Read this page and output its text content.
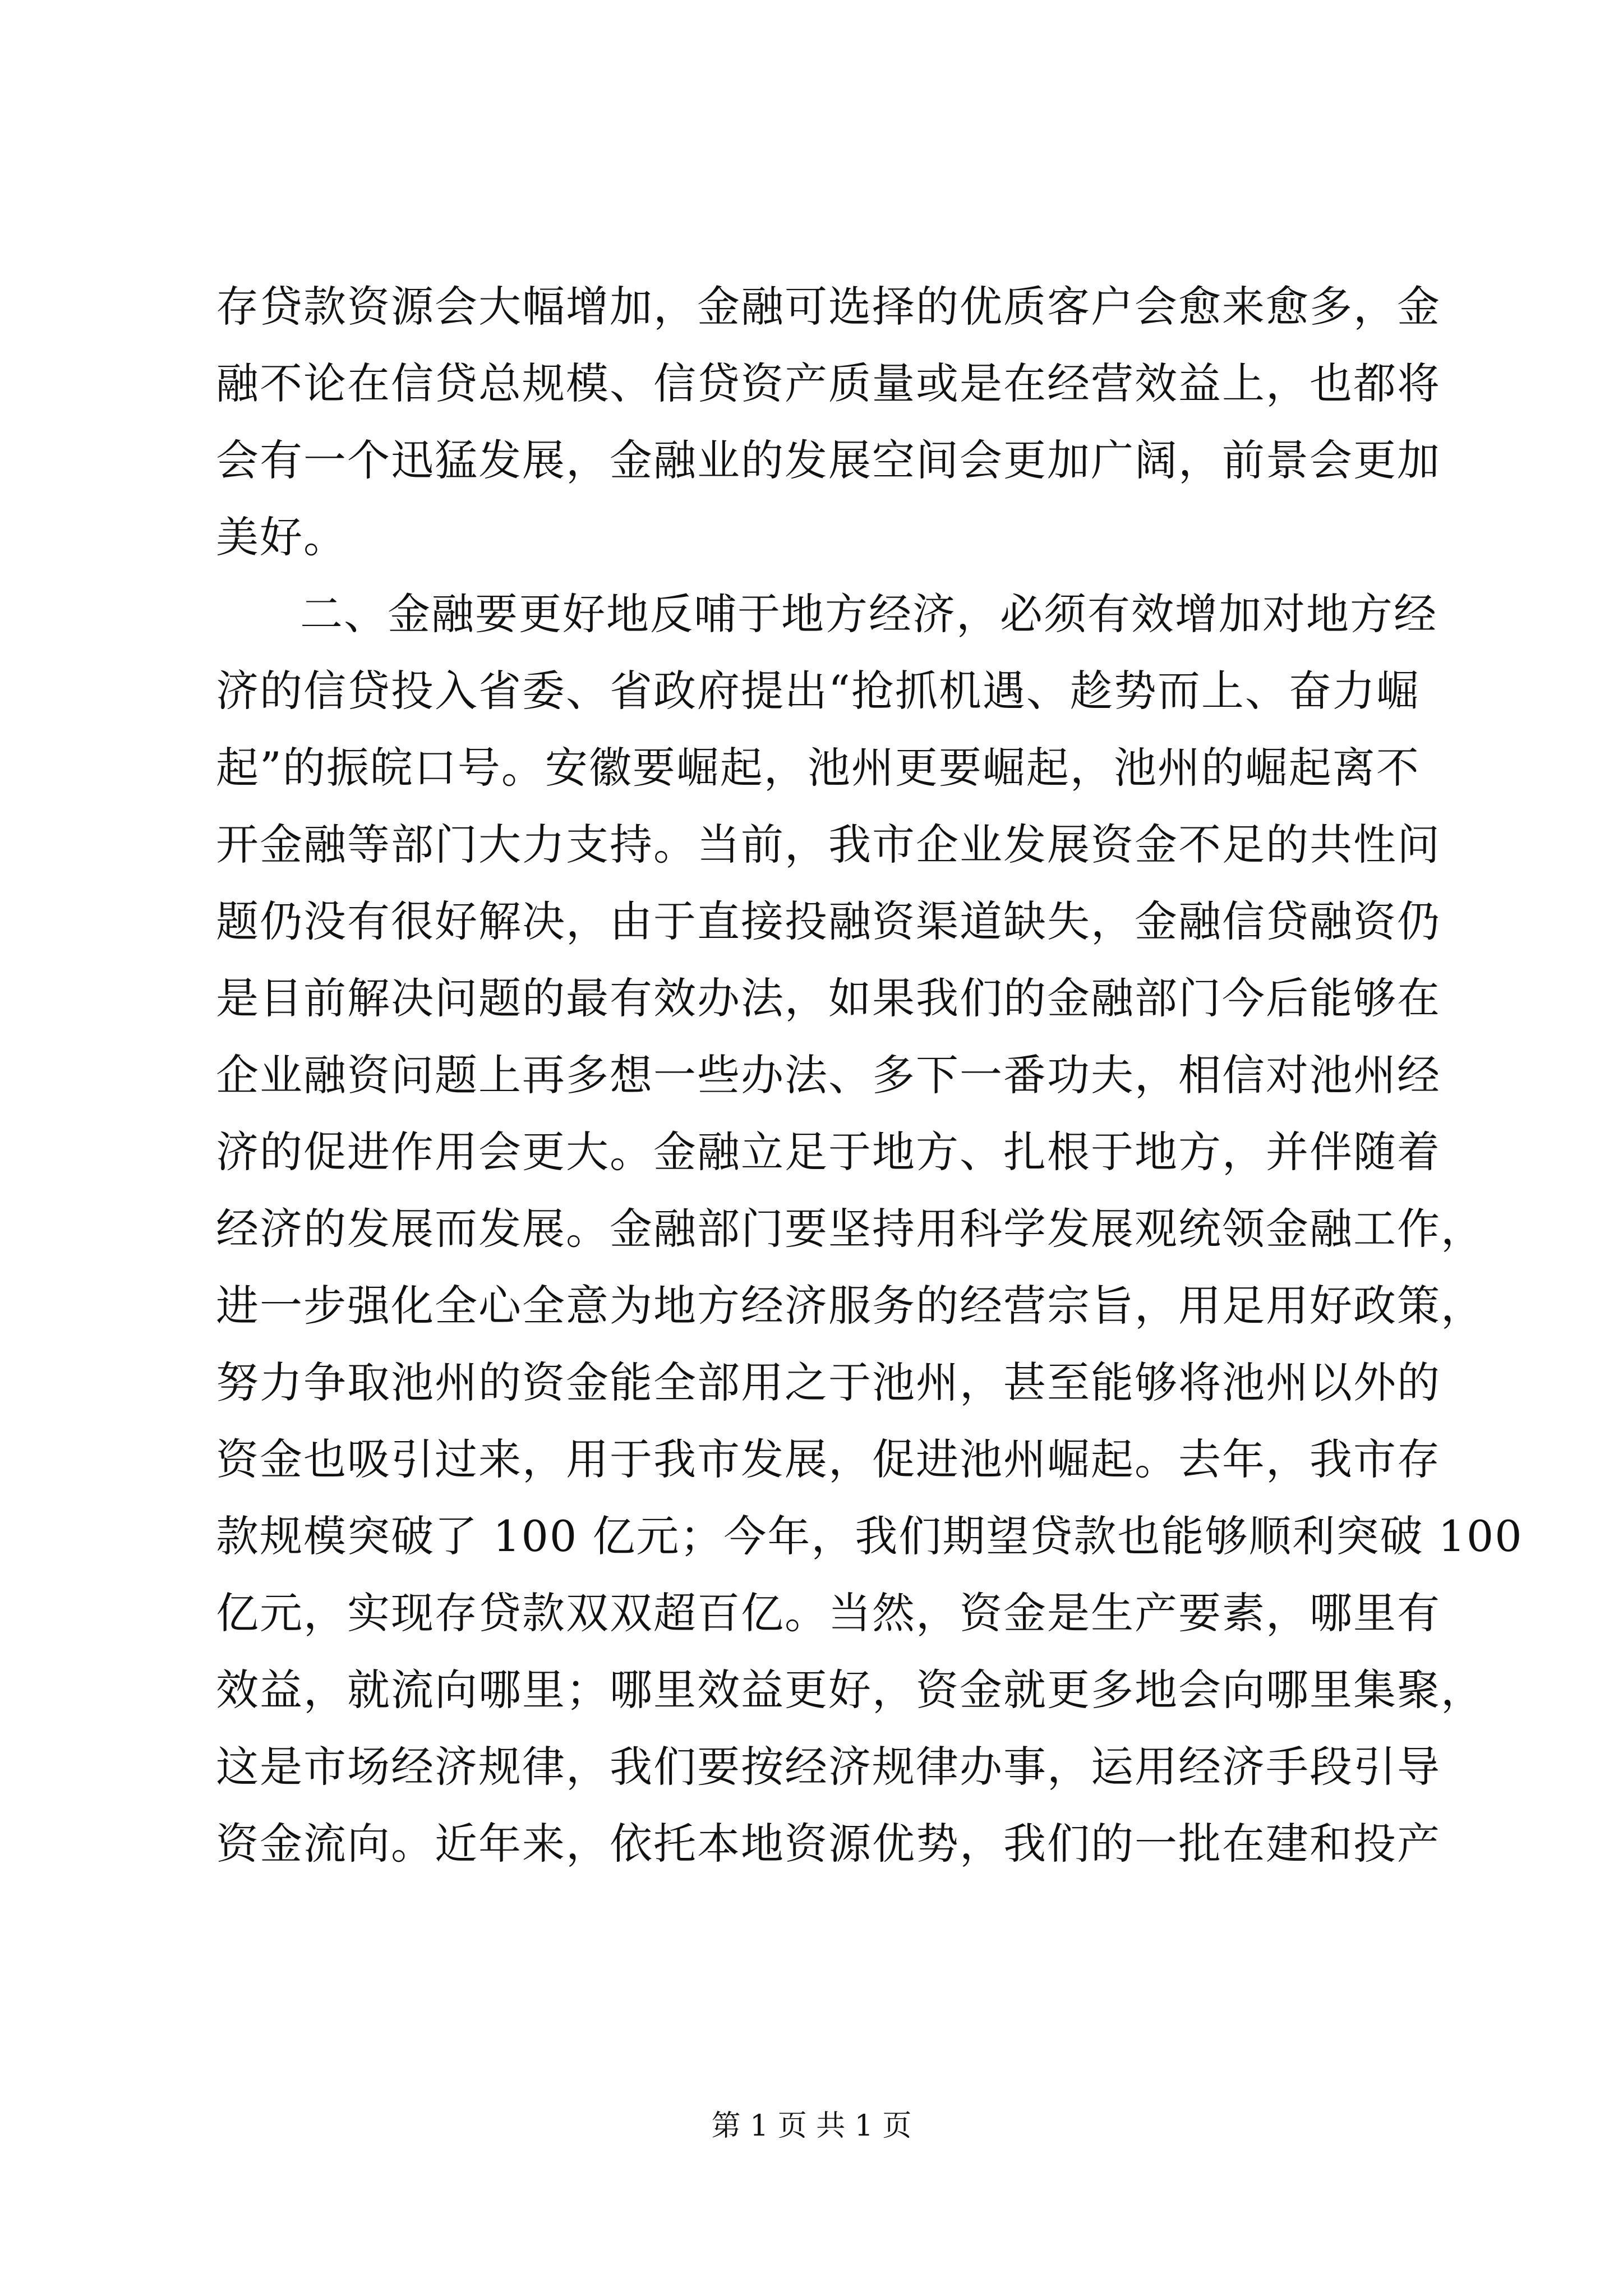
存贷款资源会大幅增加，金融可选择的优质客户会愈来愈多，金
融不论在信贷总规模、信贷资产质量或是在经营效益上，也都将
会有一个迅猛发展，金融业的发展空间会更加广阔，前景会更加
美好。
二、金融要更好地反哺于地方经济，必须有效增加对地方经
济的信贷投入省委、省政府提出“抢抓机遇、趁势而上、奋力崛
起”的振皖口号。安徽要崛起，池州更要崛起，池州的崛起离不
开金融等部门大力支持。当前，我市企业发展资金不足的共性问
题仍没有很好解决，由于直接投融资渠道缺失，金融信贷融资仍
是目前解决问题的最有效办法，如果我们的金融部门今后能够在
企业融资问题上再多想一些办法、多下一番功夫，相信对池州经
济的促进作用会更大。金融立足于地方、扎根于地方，并伴随着
经济的发展而发展。金融部门要坚持用科学发展观统领金融工作，
进一步强化全心全意为地方经济服务的经营宗旨，用足用好政策，
努力争取池州的资金能全部用之于池州，甚至能够将池州以外的
资金也吸引过来，用于我市发展，促进池州崛起。去年，我市存
款规模突破了 100 亿元；今年，我们期望贷款也能够顺利突破 100
亿元，实现存贷款双双超百亿。当然，资金是生产要素，哪里有
效益，就流向哪里；哪里效益更好，资金就更多地会向哪里集聚，
这是市场经济规律，我们要按经济规律办事，运用经济手段引导
资金流向。近年来，依托本地资源优势，我们的一批在建和投产
第 1 页 共 1 页
